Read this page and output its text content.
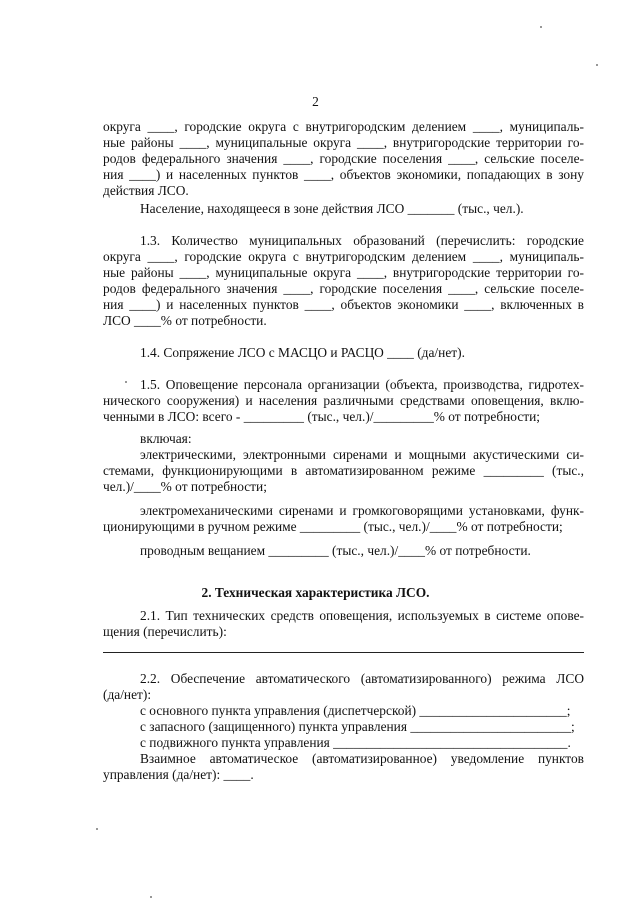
2
округа ____, городские округа с внутригородским делением ____, муниципаль-
ные районы ____, муниципальные округа ____, внутригородские территории го-
родов федерального значения ____, городские поселения ____, сельские поселе-
ния ____) и населенных пунктов ____, объектов экономики, попадающих в зону
действия ЛСО.
Население, находящееся в зоне действия ЛСО _______ (тыс., чел.).
1.3. Количество муниципальных образований (перечислить: городские
округа ____, городские округа с внутригородским делением ____, муниципаль-
ные районы ____, муниципальные округа ____, внутригородские территории го-
родов федерального значения ____, городские поселения ____, сельские поселе-
ния ____) и населенных пунктов ____, объектов экономики ____, включенных в
ЛСО ____% от потребности.
1.4. Сопряжение ЛСО с МАСЦО и РАСЦО ____ (да/нет).
1.5. Оповещение персонала организации (объекта, производства, гидротех-
нического сооружения) и населения различными средствами оповещения, вклю-
ченными в ЛСО: всего - _________ (тыс., чел.)/_________% от потребности;
включая:
электрическими, электронными сиренами и мощными акустическими си-
стемами, функционирующими в автоматизированном режиме _________ (тыс.,
чел.)/____% от потребности;
электромеханическими сиренами и громкоговорящими установками, функ-
ционирующими в ручном режиме _________ (тыс., чел.)/____% от потребности;
проводным вещанием _________ (тыс., чел.)/____% от потребности.
2. Техническая характеристика ЛСО.
2.1. Тип технических средств оповещения, используемых в системе опове-
щения (перечислить):
2.2. Обеспечение автоматического (автоматизированного) режима ЛСО
(да/нет):
с основного пункта управления (диспетчерской) ______________________;
с запасного (защищенного) пункта управления ________________________;
с подвижного пункта управления ___________________________________.
Взаимное автоматическое (автоматизированное) уведомление пунктов
управления (да/нет): ____.
